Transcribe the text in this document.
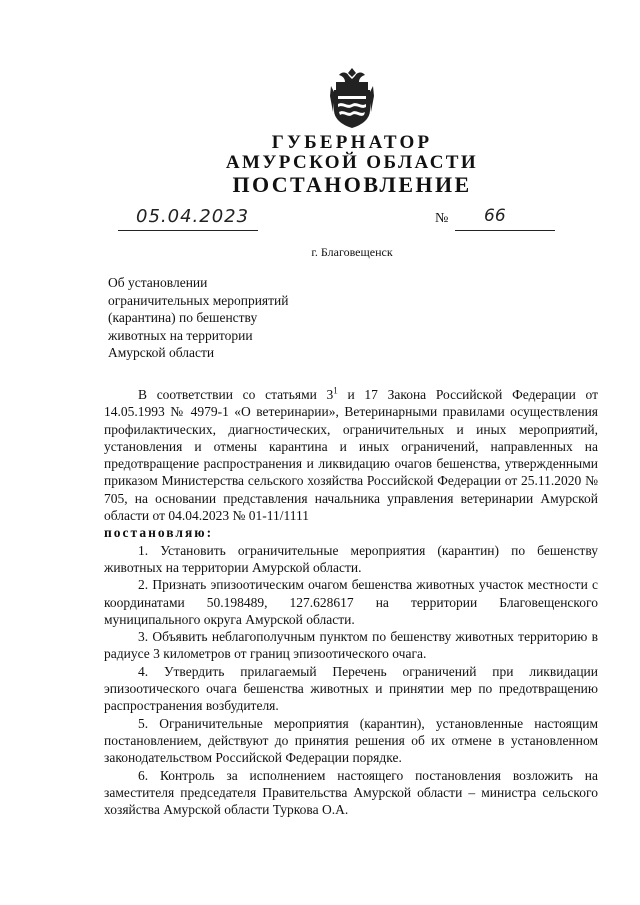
ГУБЕРНАТОР
АМУРСКОЙ ОБЛАСТИ
ПОСТАНОВЛЕНИЕ
05.04.2023	№ 66
г. Благовещенск
Об установлении
ограничительных мероприятий
(карантина) по бешенству
животных на территории
Амурской области

В соответствии со статьями $3^1$ и 17 Закона Российской Федерации от 14.05.1993 № 4979-1 «О ветеринарии», Ветеринарными правилами осуществления профилактических, диагностических, ограничительных и иных мероприятий, установления и отмены карантина и иных ограничений, направленных на предотвращение распространения и ликвидацию очагов бешенства, утвержденными приказом Министерства сельского хозяйства Российской Федерации от 25.11.2020 № 705, на основании представления начальника управления ветеринарии Амурской области от 04.04.2023 № 01-11/1111

постановляю:

1. Установить ограничительные мероприятия (карантин) по бешенству животных на территории Амурской области.

2. Признать эпизоотическим очагом бешенства животных участок местности с координатами 50.198489, 127.628617 на территории Благовещенского муниципального округа Амурской области.

3. Объявить неблагополучным пунктом по бешенству животных территорию в радиусе 3 километров от границ эпизоотического очага.

4. Утвердить прилагаемый Перечень ограничений при ликвидации эпизоотического очага бешенства животных и принятии мер по предотвращению распространения возбудителя.

5. Ограничительные мероприятия (карантин), установленные настоящим постановлением, действуют до принятия решения об их отмене в установленном законодательством Российской Федерации порядке.

6. Контроль за исполнением настоящего постановления возложить на заместителя председателя Правительства Амурской области – министра сельского хозяйства Амурской области Туркова О.А.
